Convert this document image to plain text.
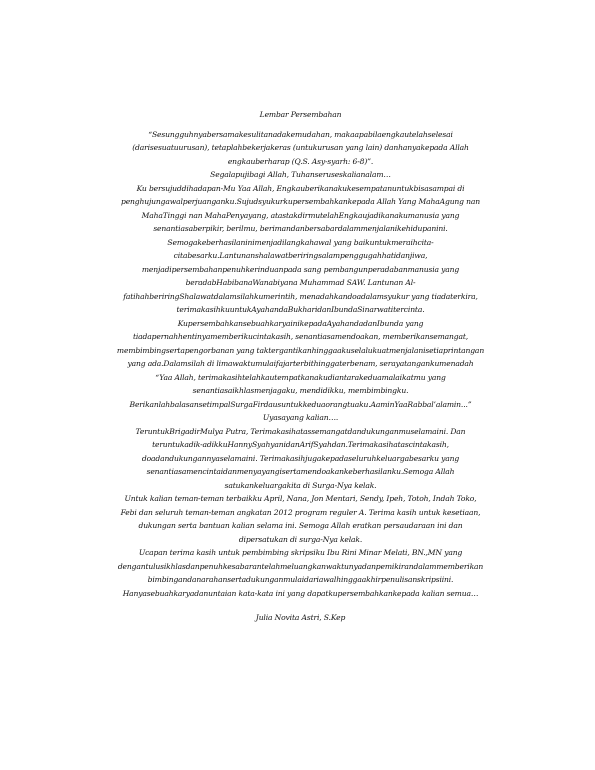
Lembar Persembahan

“Sesungguhnyabersamakesulitanadakemudahan, makaapabilaengkautelahselesai

(darisesuatuurusan), tetaplahbekerjakeras (untukurusan yang lain) danhanyakepada Allah

engkauberharap (Q.S. Asy-syarh: 6-8)”.

Segalapujibagi Allah, Tuhanseruseskalianalam…

Ku bersujuddihadapan-Mu Yaa Allah, Engkauberikanakukesempatanuntukbisasampai di

penghujungawalperjuanganku.Sujudsyukurkupersembahkankepada Allah Yang MahaAgung nan

MahaTinggi nan MahaPenyayang, atastakdirmutelahEngkaujadikanakumanusia yang

senantiasaberpikir, berilmu, berimandanbersabardalammenjalanikehidupanini.

Semogakeberhasilaninimenjadilangkahawal yang baikuntukmeraihcita-

citabesarku.Lantunanshalawatberiringsalampenggugahhatidanjiwa,

menjadipersembahanpenuhkerinduanpada sang pembangunperadabanmanusia yang

beradabHabibanaWanabiyana Muhammad SAW. Lantunan Al-

fatihahberiringShalawatdalamsilahkumerintih, menadahkandoadalamsyukur yang tiadaterkira,

terimakasihkuuntukAyahandaBukharidanIbundaSinarwatitercinta.

KupersembahkansebuahkaryainikepadaAyahandadanIbunda yang

tiadapernahhentinyamemberikucintakasih, senantiasamendoakan, memberikansemangat,

membimbingsertapengorbanan yang taktergantikanhinggaakuselalukuatmenjalanisetiaprintangan

yang ada.Dalamsilah di limawaktumulaifajarterbithinggaterbenam, serayatangankumenadah

“Yaa Allah, terimakasihtelahkautempatkanakudiantarakeduamalaikatmu yang

senantiasaikhlasmenjagaku, mendidikku, membimbingku.

BerikanlahbalasansetimpalSurgaFirdausuntukkeduaorangtuaku.AaminYaaRabbal’alamin...”

Uyasayang kalian….

TeruntukBrigadirMulya Putra, Terimakasihatassemangatdandukunganmuselamaini. Dan

teruntukadik-adikkuHannySyahyanidanArifSyahdan.Terimakasihatascintakasih,

doadandukungannyaselamaini. Terimakasihjugakepadaseluruhkeluargabesarku yang

senantiasamencintaidanmenyayangisertamendoakankeberhasilanku.Semoga Allah

satukankeluargakita di Surga-Nya kelak.

Untuk kalian teman-teman terbaikku April, Nana, Jon Mentari, Sendy, Ipeh, Totoh, Indah Toko,

Febi dan seluruh teman-teman angkatan 2012 program reguler A. Terima kasih untuk kesetiaan,

dukungan serta bantuan kalian selama ini. Semoga Allah eratkan persaudaraan ini dan

dipersatukan di surga-Nya kelak.

Ucapan terima kasih untuk pembimbing skripsiku Ibu Rini Minar Melati, BN.,MN yang

dengantulusikhlasdanpenuhkesabarantelahmeluangkanwaktunyadanpemikirandalammemberikan

bimbingandanarahansertadukunganmulaidariawalhinggaakhirpenulisanskripsiini.

Hanyasebuahkaryadanuntaian kata-kata ini yang dapatkupersembahkankepada kalian semua…

Julia Novita Astri, S.Kep
